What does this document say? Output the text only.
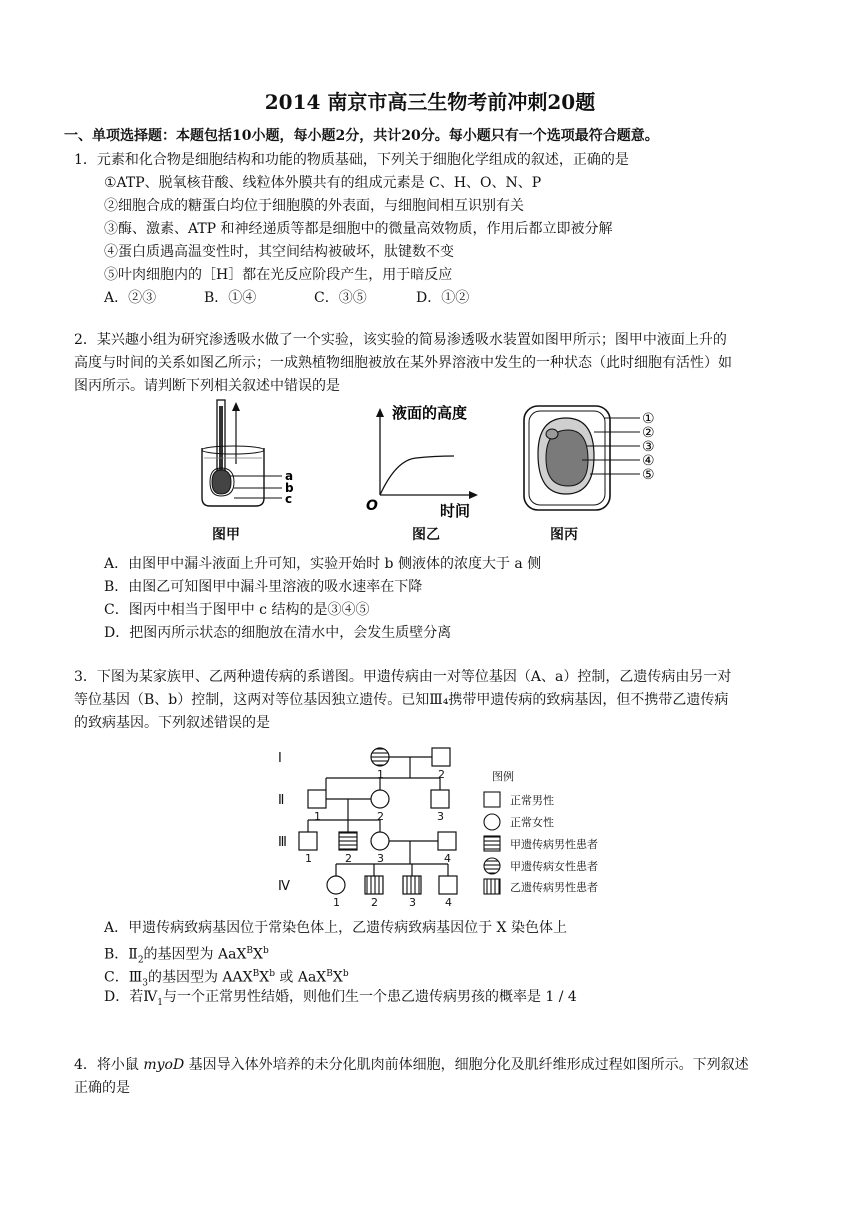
2014 南京市高三生物考前冲刺20题
一、单项选择题：本题包括10小题，每小题2分，共计20分。每小题只有一个选项最符合题意。
1．元素和化合物是细胞结构和功能的物质基础，下列关于细胞化学组成的叙述，正确的是
①ATP、脱氧核苷酸、线粒体外膜共有的组成元素是 C、H、O、N、P
②细胞合成的糖蛋白均位于细胞膜的外表面，与细胞间相互识别有关
③酶、激素、ATP 和神经递质等都是细胞中的微量高效物质，作用后都立即被分解
④蛋白质遇高温变性时，其空间结构被破坏，肽键数不变
⑤叶肉细胞内的［H］都在光反应阶段产生，用于暗反应
A．②③	B．①④	C．③⑤	D．①②
2．某兴趣小组为研究渗透吸水做了一个实验，该实验的简易渗透吸水装置如图甲所示；图甲中液面上升的
高度与时间的关系如图乙所示；一成熟植物细胞被放在某外界溶液中发生的一种状态（此时细胞有活性）如
图丙所示。请判断下列相关叙述中错误的是
a
b
c
图甲
液面的高度
O	时间
图乙
①
②
③
④
⑤
图丙
A．由图甲中漏斗液面上升可知，实验开始时 b 侧液体的浓度大于 a 侧
B．由图乙可知图甲中漏斗里溶液的吸水速率在下降
C．图丙中相当于图甲中 c 结构的是③④⑤
D．把图丙所示状态的细胞放在清水中，会发生质壁分离
3．下图为某家族甲、乙两种遗传病的系谱图。甲遗传病由一对等位基因（A、a）控制，乙遗传病由另一对
等位基因（B、b）控制，这两对等位基因独立遗传。已知Ⅲ₄携带甲遗传病的致病基因，但不携带乙遗传病
的致病基因。下列叙述错误的是
Ⅰ
Ⅱ
Ⅲ
Ⅳ
1	2
1	2	3
1	2 3	4
1	2	3	4
图例
正常男性
正常女性
甲遗传病男性患者
甲遗传病女性患者
乙遗传病男性患者
A．甲遗传病致病基因位于常染色体上，乙遗传病致病基因位于 X 染色体上
B．$Ⅱ_2$的基因型为 $AaX^BX^b$
C．$Ⅲ_3$的基因型为 $AAX^BX^b$ 或 $AaX^BX^b$
D．若$Ⅳ_1$与一个正常男性结婚，则他们生一个患乙遗传病男孩的概率是 1 / 4
4．将小鼠 myoD 基因导入体外培养的未分化肌肉前体细胞，细胞分化及肌纤维形成过程如图所示。下列叙述
正确的是
